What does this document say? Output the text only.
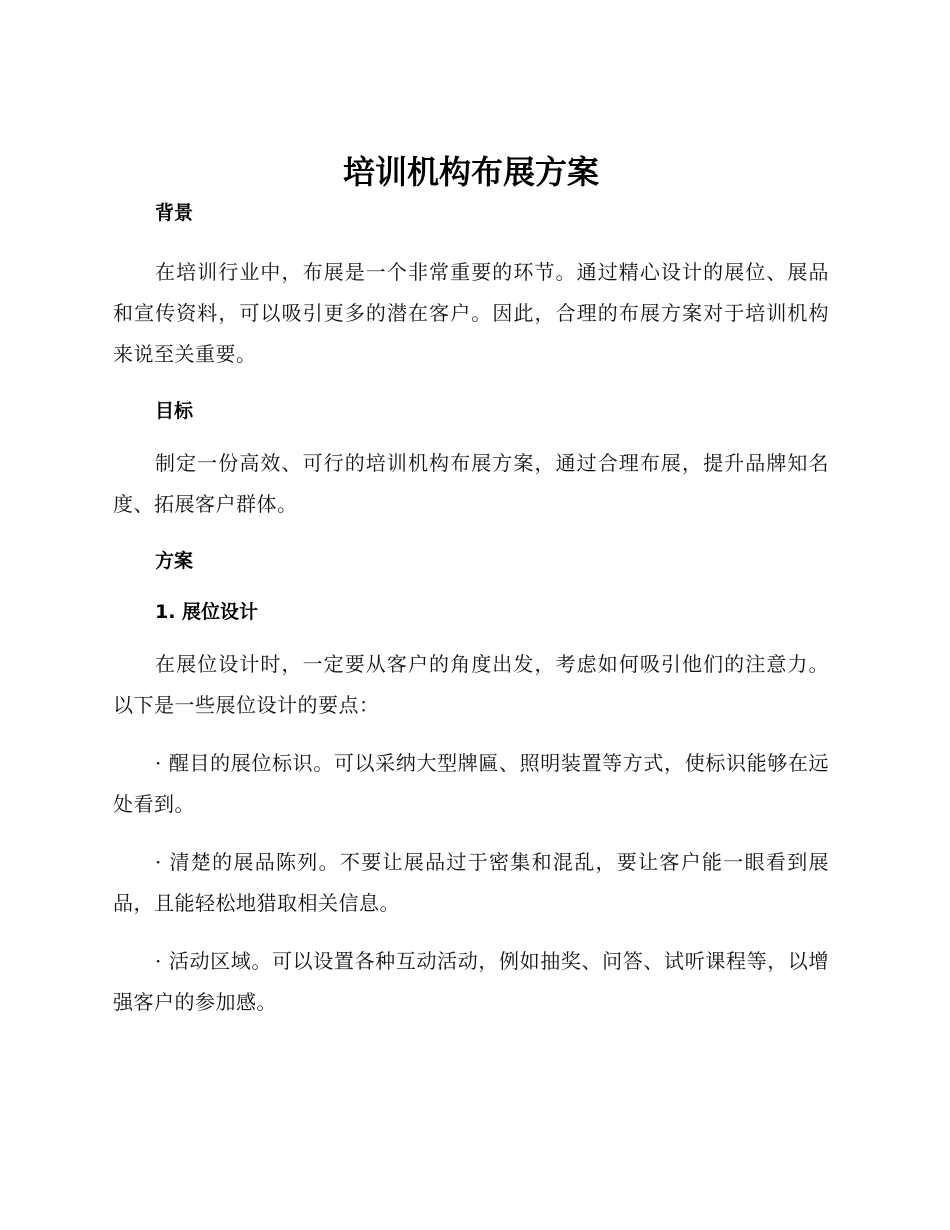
培训机构布展方案
背景

在培训行业中，布展是一个非常重要的环节。通过精心设计的展位、展品和宣传资料，可以吸引更多的潜在客户。因此，合理的布展方案对于培训机构来说至关重要。

目标

制定一份高效、可行的培训机构布展方案，通过合理布展，提升品牌知名度、拓展客户群体。

方案
1. 展位设计

在展位设计时，一定要从客户的角度出发，考虑如何吸引他们的注意力。以下是一些展位设计的要点：

· 醒目的展位标识。可以采纳大型牌匾、照明装置等方式，使标识能够在远处看到。

· 清楚的展品陈列。不要让展品过于密集和混乱，要让客户能一眼看到展品，且能轻松地猎取相关信息。

· 活动区域。可以设置各种互动活动，例如抽奖、问答、试听课程等，以增强客户的参加感。
